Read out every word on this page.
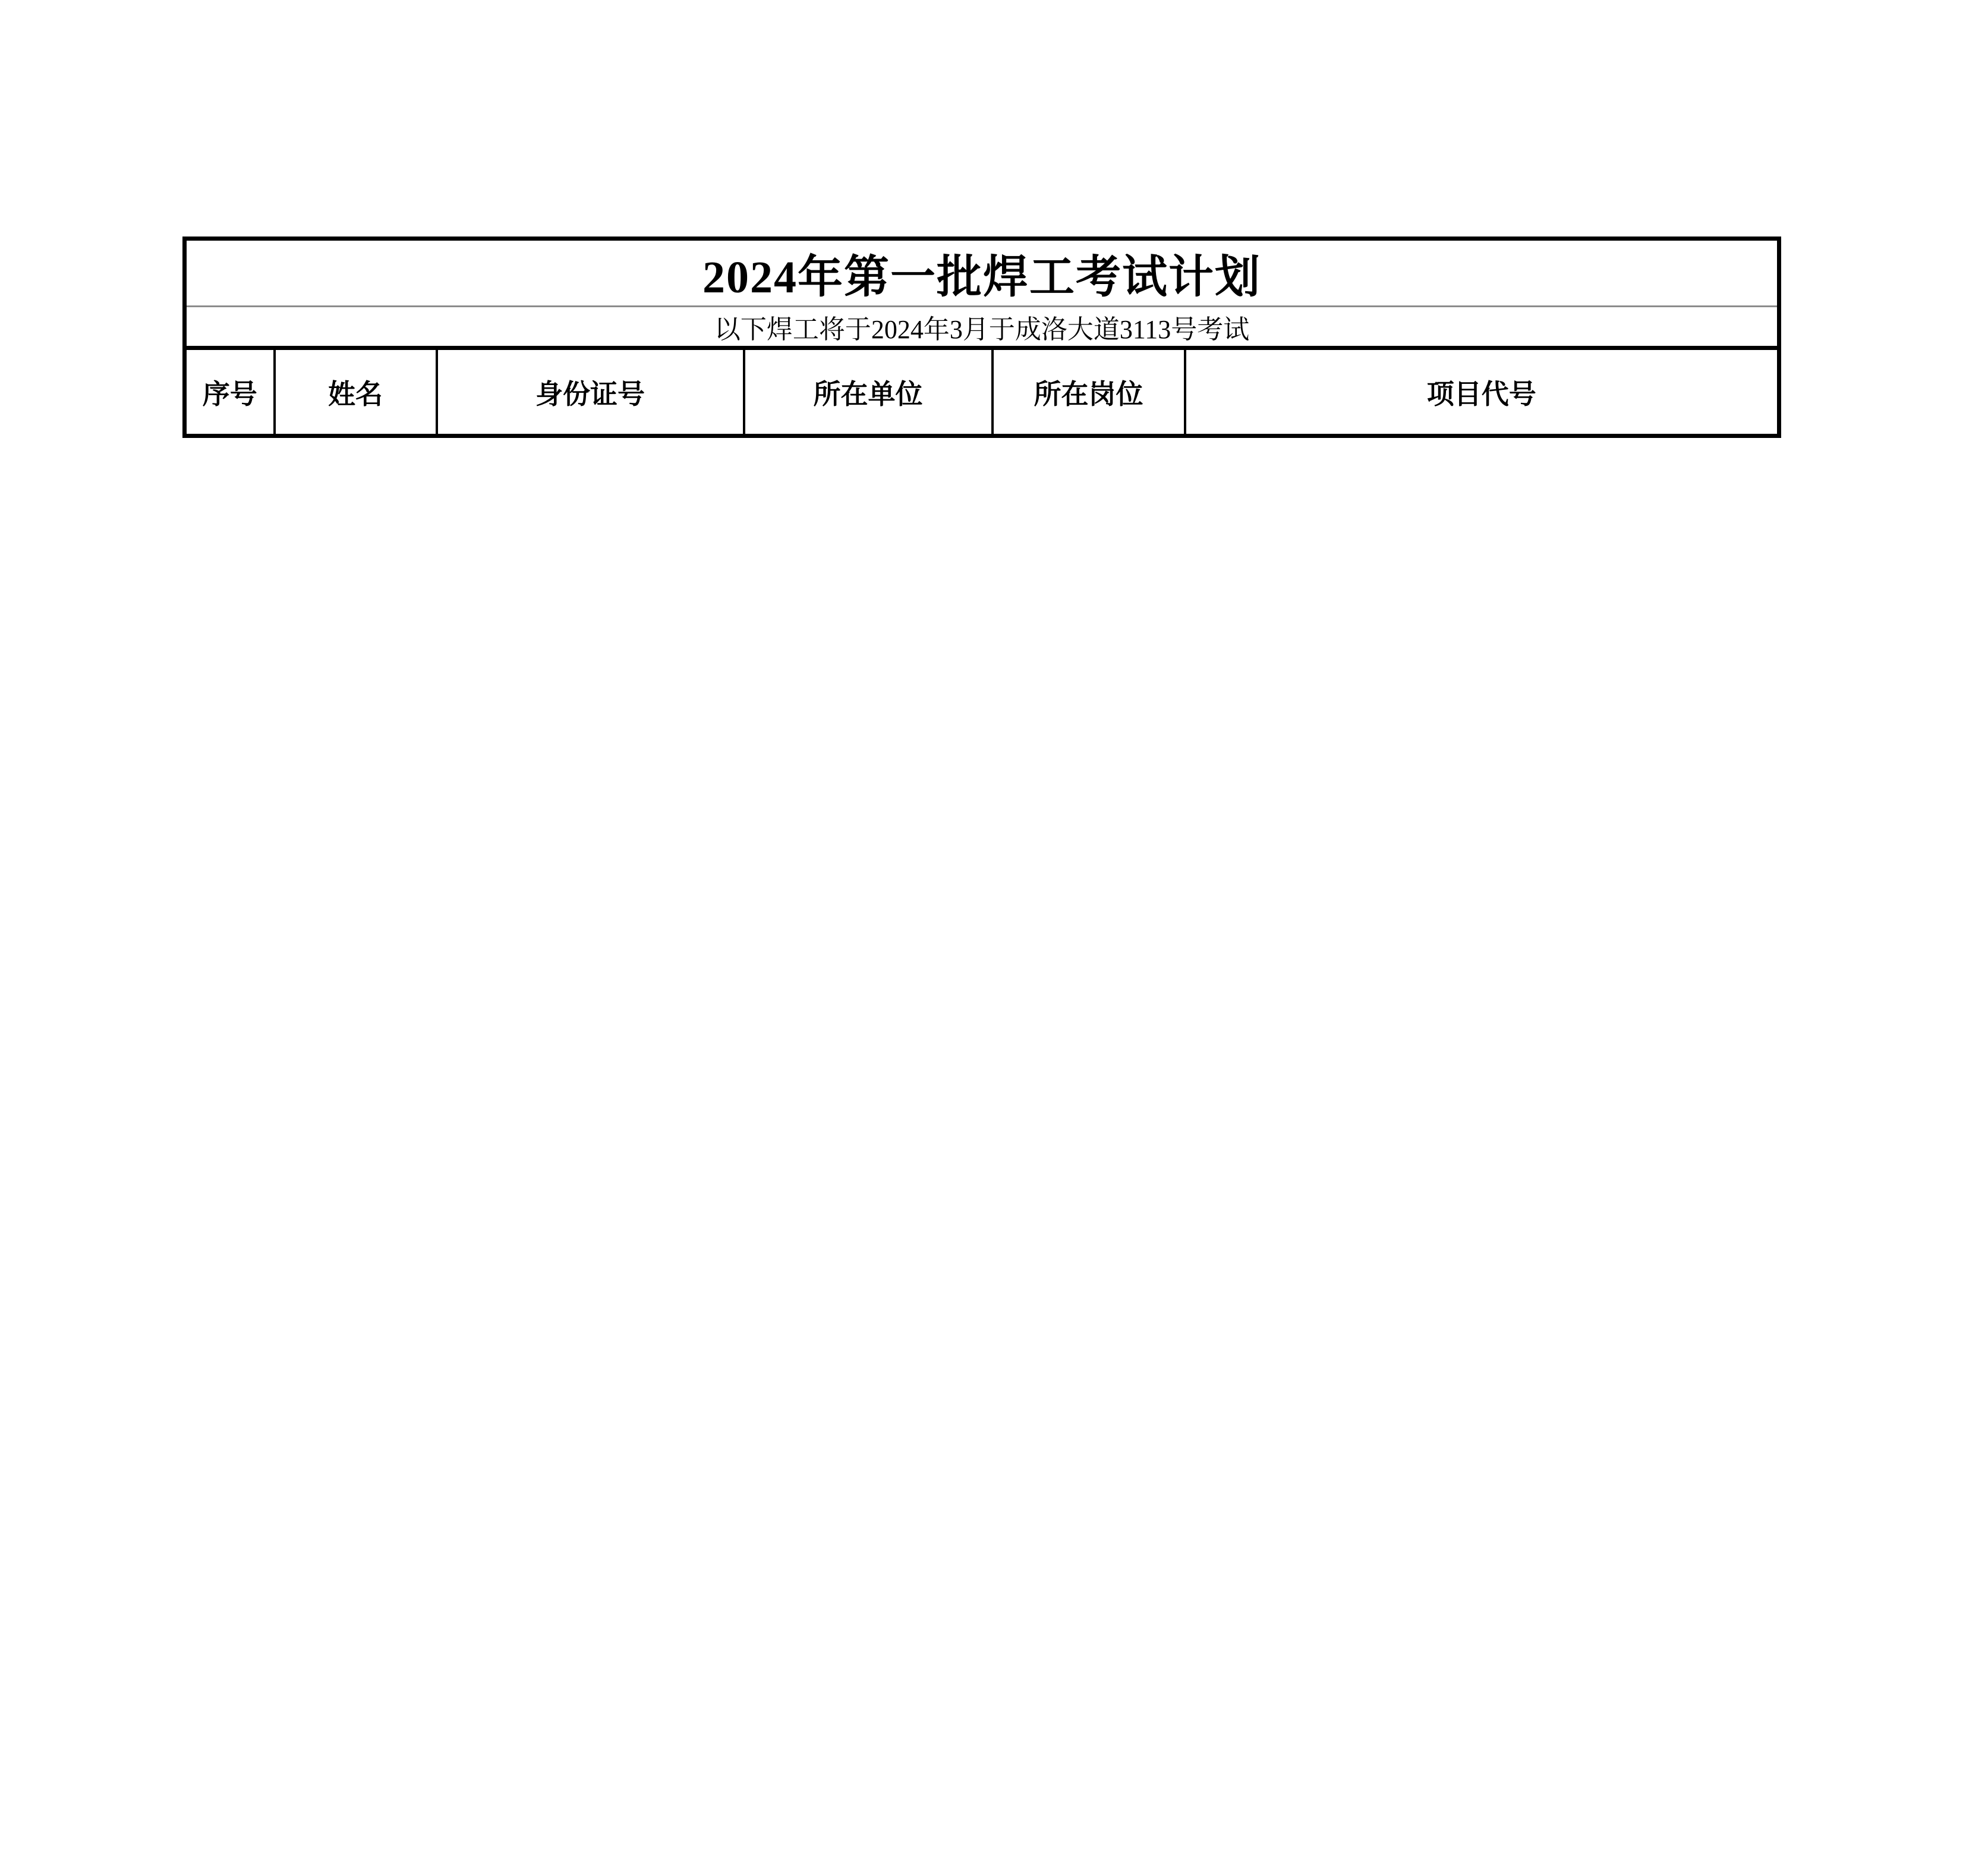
2024年第一批焊工考试计划
以下焊工将于2024年3月于成洛大道3113号考试
序号	姓名	身份证号	所在单位	所在岗位	项目代号
